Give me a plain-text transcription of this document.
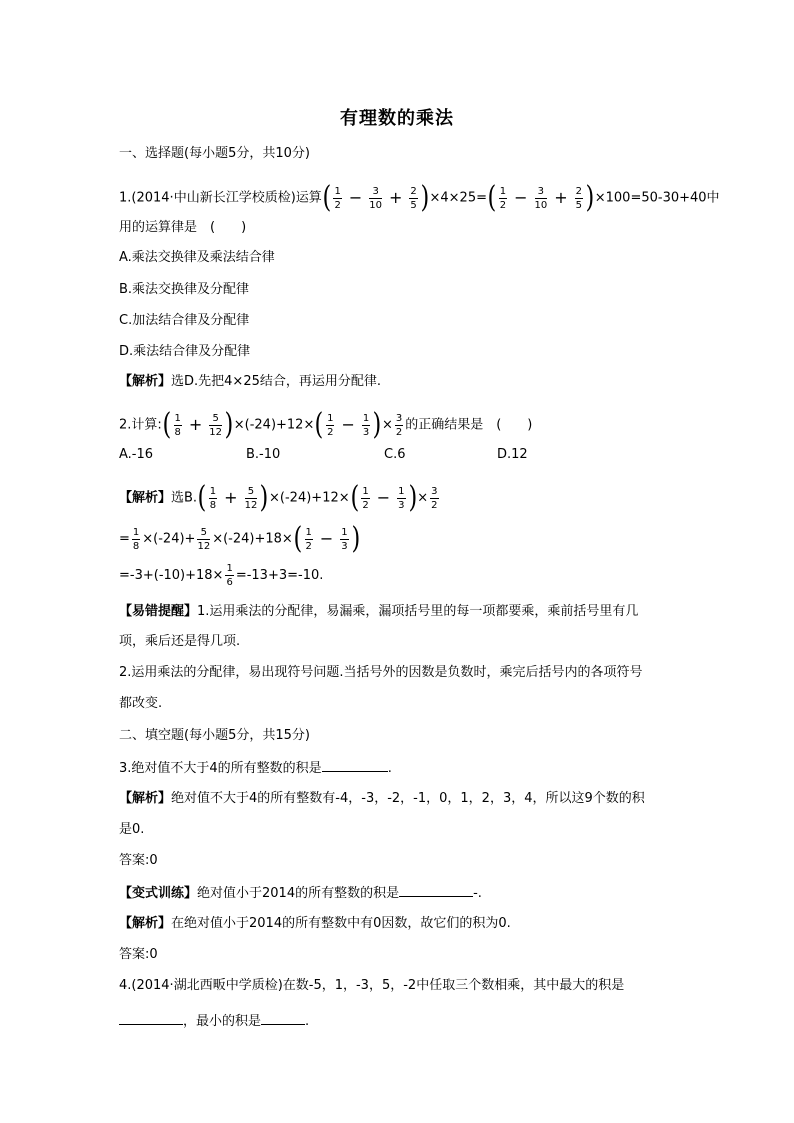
有理数的乘法
一、选择题(每小题5分，共10分)
1.(2014·中山新长江学校质检)运算 ( $\frac{1}{2} - \frac{3}{10} + \frac{2}{5}$ ) ×4×25= ( $\frac{1}{2} - \frac{3}{10} + \frac{2}{5}$ ) ×100=50-30+40中
用的运算律是　(　　)
A.乘法交换律及乘法结合律
B.乘法交换律及分配律
C.加法结合律及分配律
D.乘法结合律及分配律
【解析】选D.先把4×25结合，再运用分配律.
2.计算: ( $\frac{1}{8} + \frac{5}{12}$ ) ×(-24)+12× ( $\frac{1}{2} - \frac{1}{3}$ ) × $\frac{3}{2}$ 的正确结果是　(　　)
A.-16	B.-10	C.6	D.12
【解析】选B. ( $\frac{1}{8} + \frac{5}{12}$ ) ×(-24)+12× ( $\frac{1}{2} - \frac{1}{3}$ ) × $\frac{3}{2}$
= $\frac{1}{8} \times(-24)+ \frac{5}{12} \times(-24)+18\times$ ( $\frac{1}{2} - \frac{1}{3}$ )
$=-3+(-10)+18\times \frac{1}{6} =-13+3=-10$.
【易错提醒】1.运用乘法的分配律，易漏乘，漏项括号里的每一项都要乘，乘前括号里有几
项，乘后还是得几项.
2.运用乘法的分配律，易出现符号问题.当括号外的因数是负数时，乘完后括号内的各项符号
都改变.
二、填空题(每小题5分，共15分)
3.绝对值不大于4的所有整数的积是	.
【解析】绝对值不大于4的所有整数有-4，-3，-2，-1，0，1，2，3，4，所以这9个数的积
是0.
答案:0
【变式训练】绝对值小于2014的所有整数的积是	-.
【解析】在绝对值小于2014的所有整数中有0因数，故它们的积为0.
答案:0
4.(2014·湖北西畈中学质检)在数-5，1，-3，5，-2中任取三个数相乘，其中最大的积是
，最小的积是	.
